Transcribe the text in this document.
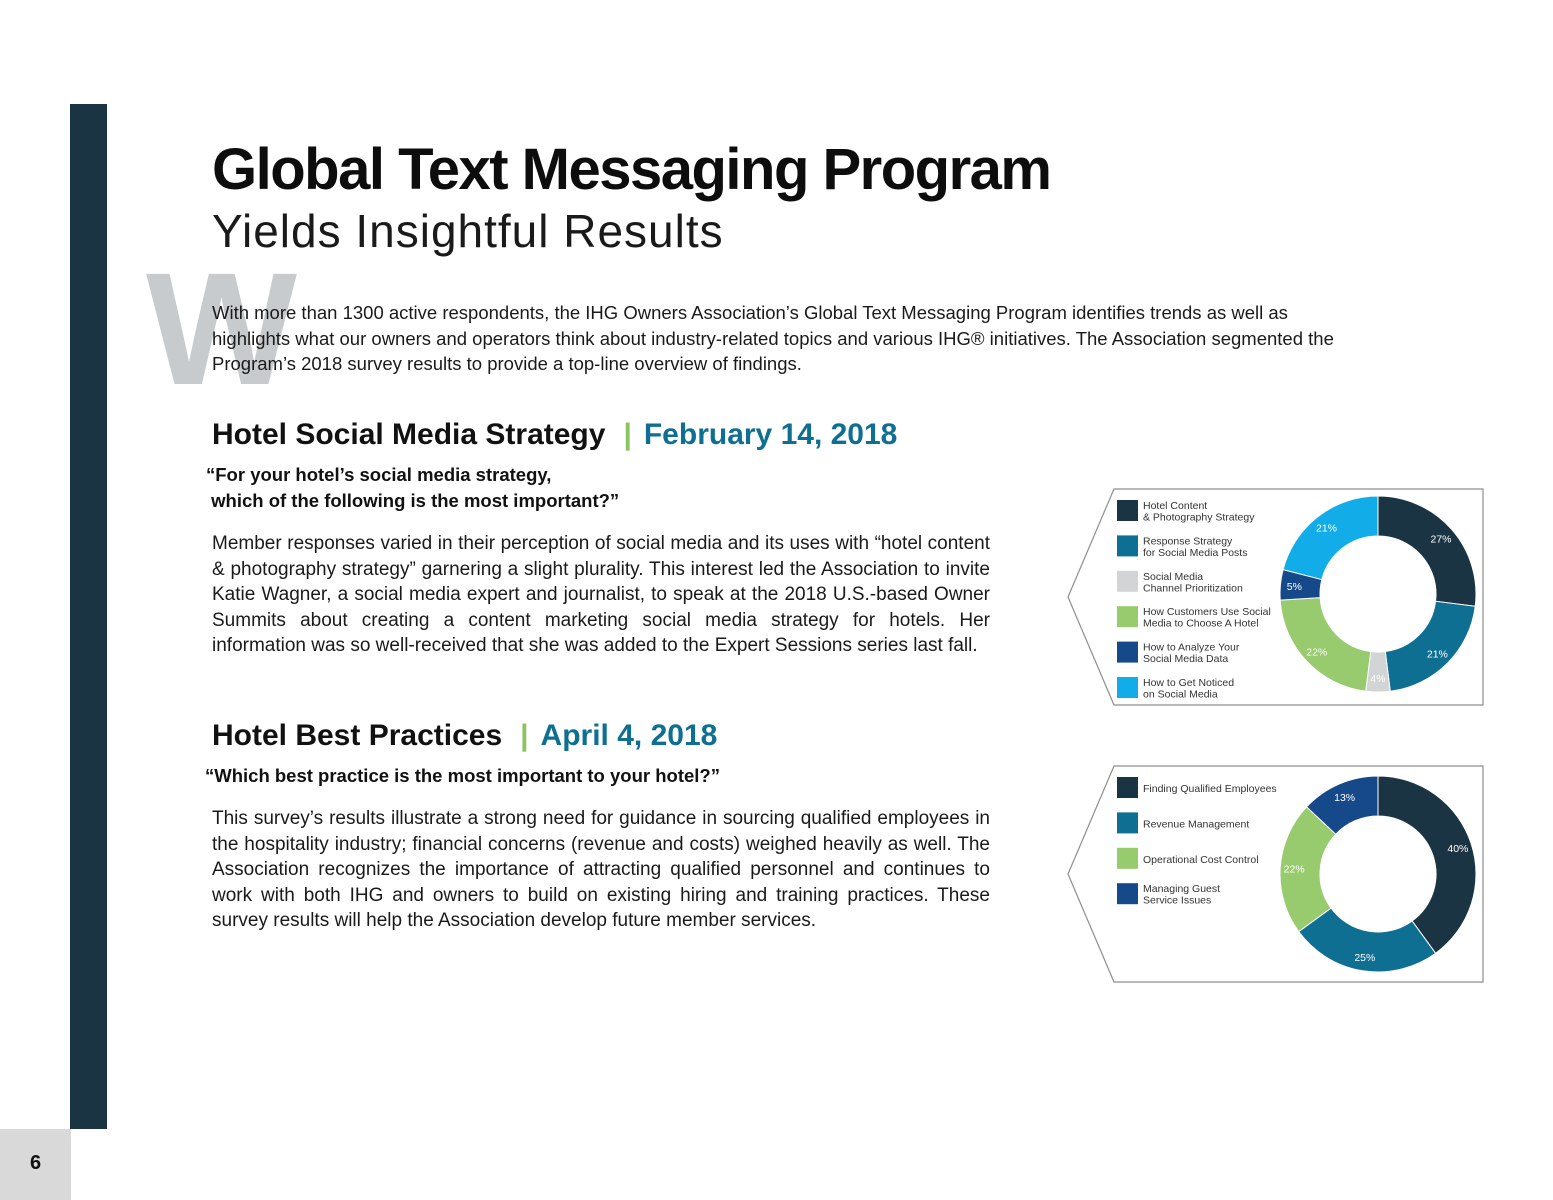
6
Global Text Messaging Program
Yields Insightful Results
W

With more than 1300 active respondents, the IHG Owners Association’s Global Text Messaging Program identifies trends as well as highlights what our owners and operators think about industry-related topics and various IHG® initiatives. The Association segmented the Program’s 2018 survey results to provide a top-line overview of findings.

Hotel Social Media Strategy | February 14, 2018

“For your hotel’s social media strategy,
which of the following is the most important?”

Member responses varied in their perception of social media and its uses with “hotel content & photography strategy” garnering a slight plurality. This interest led the Association to invite Katie Wagner, a social media expert and journalist, to speak at the 2018 U.S.-based Owner Summits about creating a content marketing social media strategy for hotels. Her information was so well-received that she was added to the Expert Sessions series last fall.

Hotel Best Practices | April 4, 2018

“Which best practice is the most important to your hotel?”

This survey’s results illustrate a strong need for guidance in sourcing qualified employees in the hospitality industry; financial concerns (revenue and costs) weighed heavily as well. The Association recognizes the importance of attracting qualified personnel and continues to work with both IHG and owners to build on existing hiring and training practices. These survey results will help the Association develop future member services.

Hotel Content & Photography Strategy
Response Strategy for Social Media Posts
Social Media Channel Prioritization
How Customers Use Social Media to Choose A Hotel
How to Analyze Your Social Media Data
How to Get Noticed on Social Media
27%
21%
4%
22%
5%
21%
Finding Qualified Employees
Revenue Management
Operational Cost Control
Managing Guest Service Issues
40%
25%
22%
13%
